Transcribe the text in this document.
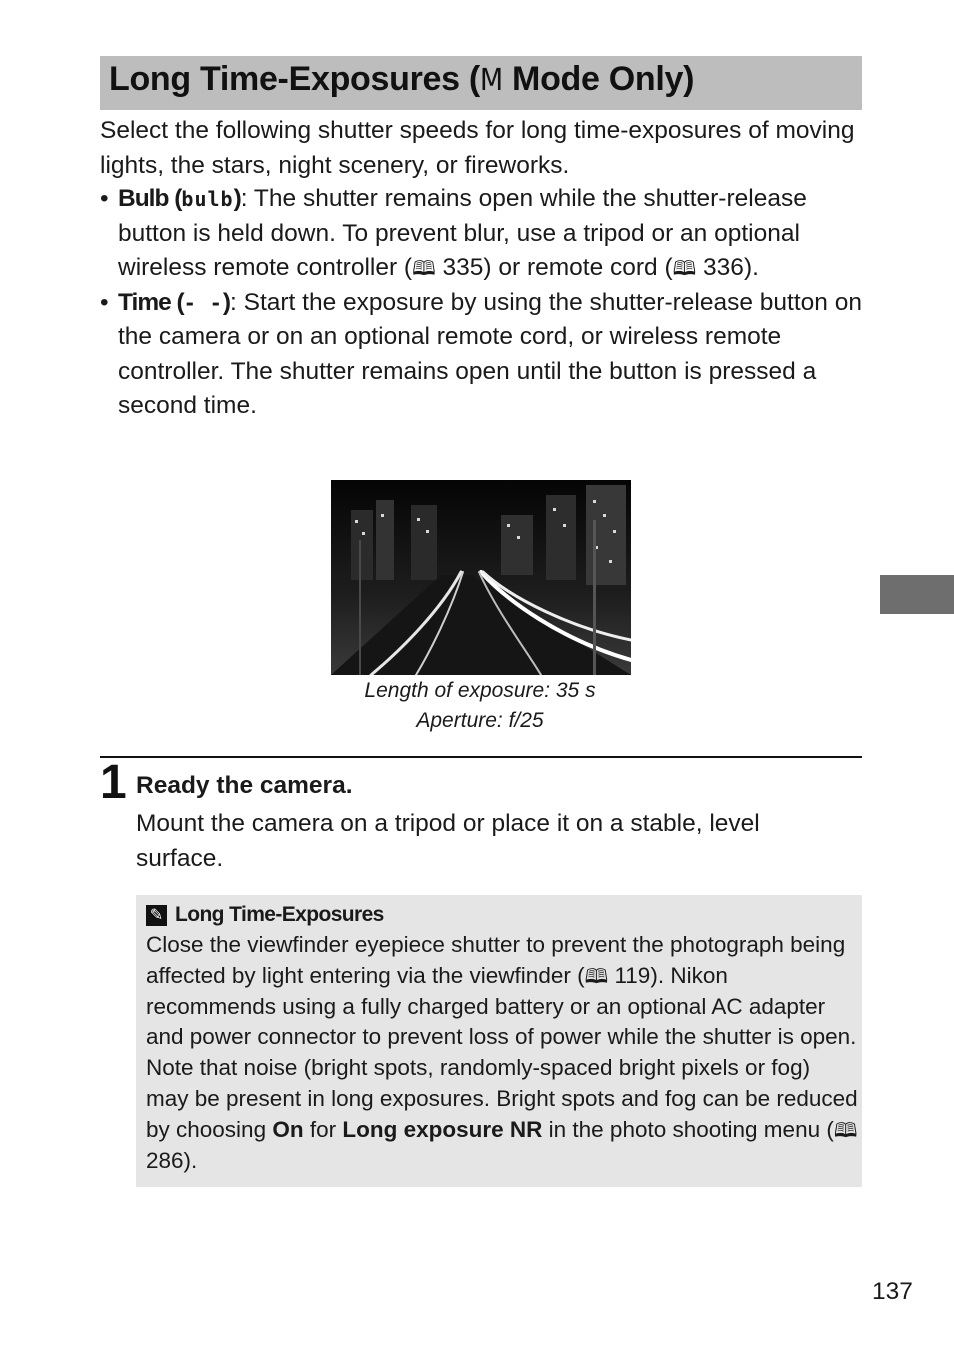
Long Time-Exposures (M Mode Only)

Select the following shutter speeds for long time-exposures of moving lights, the stars, night scenery, or fireworks.

• Bulb (bulb): The shutter remains open while the shutter-release button is held down. To prevent blur, use a tripod or an optional wireless remote controller (🕮 335) or remote cord (🕮 336).
• Time (- -): Start the exposure by using the shutter-release button on the camera or on an optional remote cord, or wireless remote controller. The shutter remains open until the button is pressed a second time.

Length of exposure: 35 s

Aperture: f/25

1 Ready the camera.

Mount the camera on a tripod or place it on a stable, level surface.

✎ Long Time-Exposures

Close the viewfinder eyepiece shutter to prevent the photograph being affected by light entering via the viewfinder (🕮 119). Nikon recommends using a fully charged battery or an optional AC adapter and power connector to prevent loss of power while the shutter is open. Note that noise (bright spots, randomly-spaced bright pixels or fog) may be present in long exposures. Bright spots and fog can be reduced by choosing On for Long exposure NR in the photo shooting menu (🕮 286).

137
